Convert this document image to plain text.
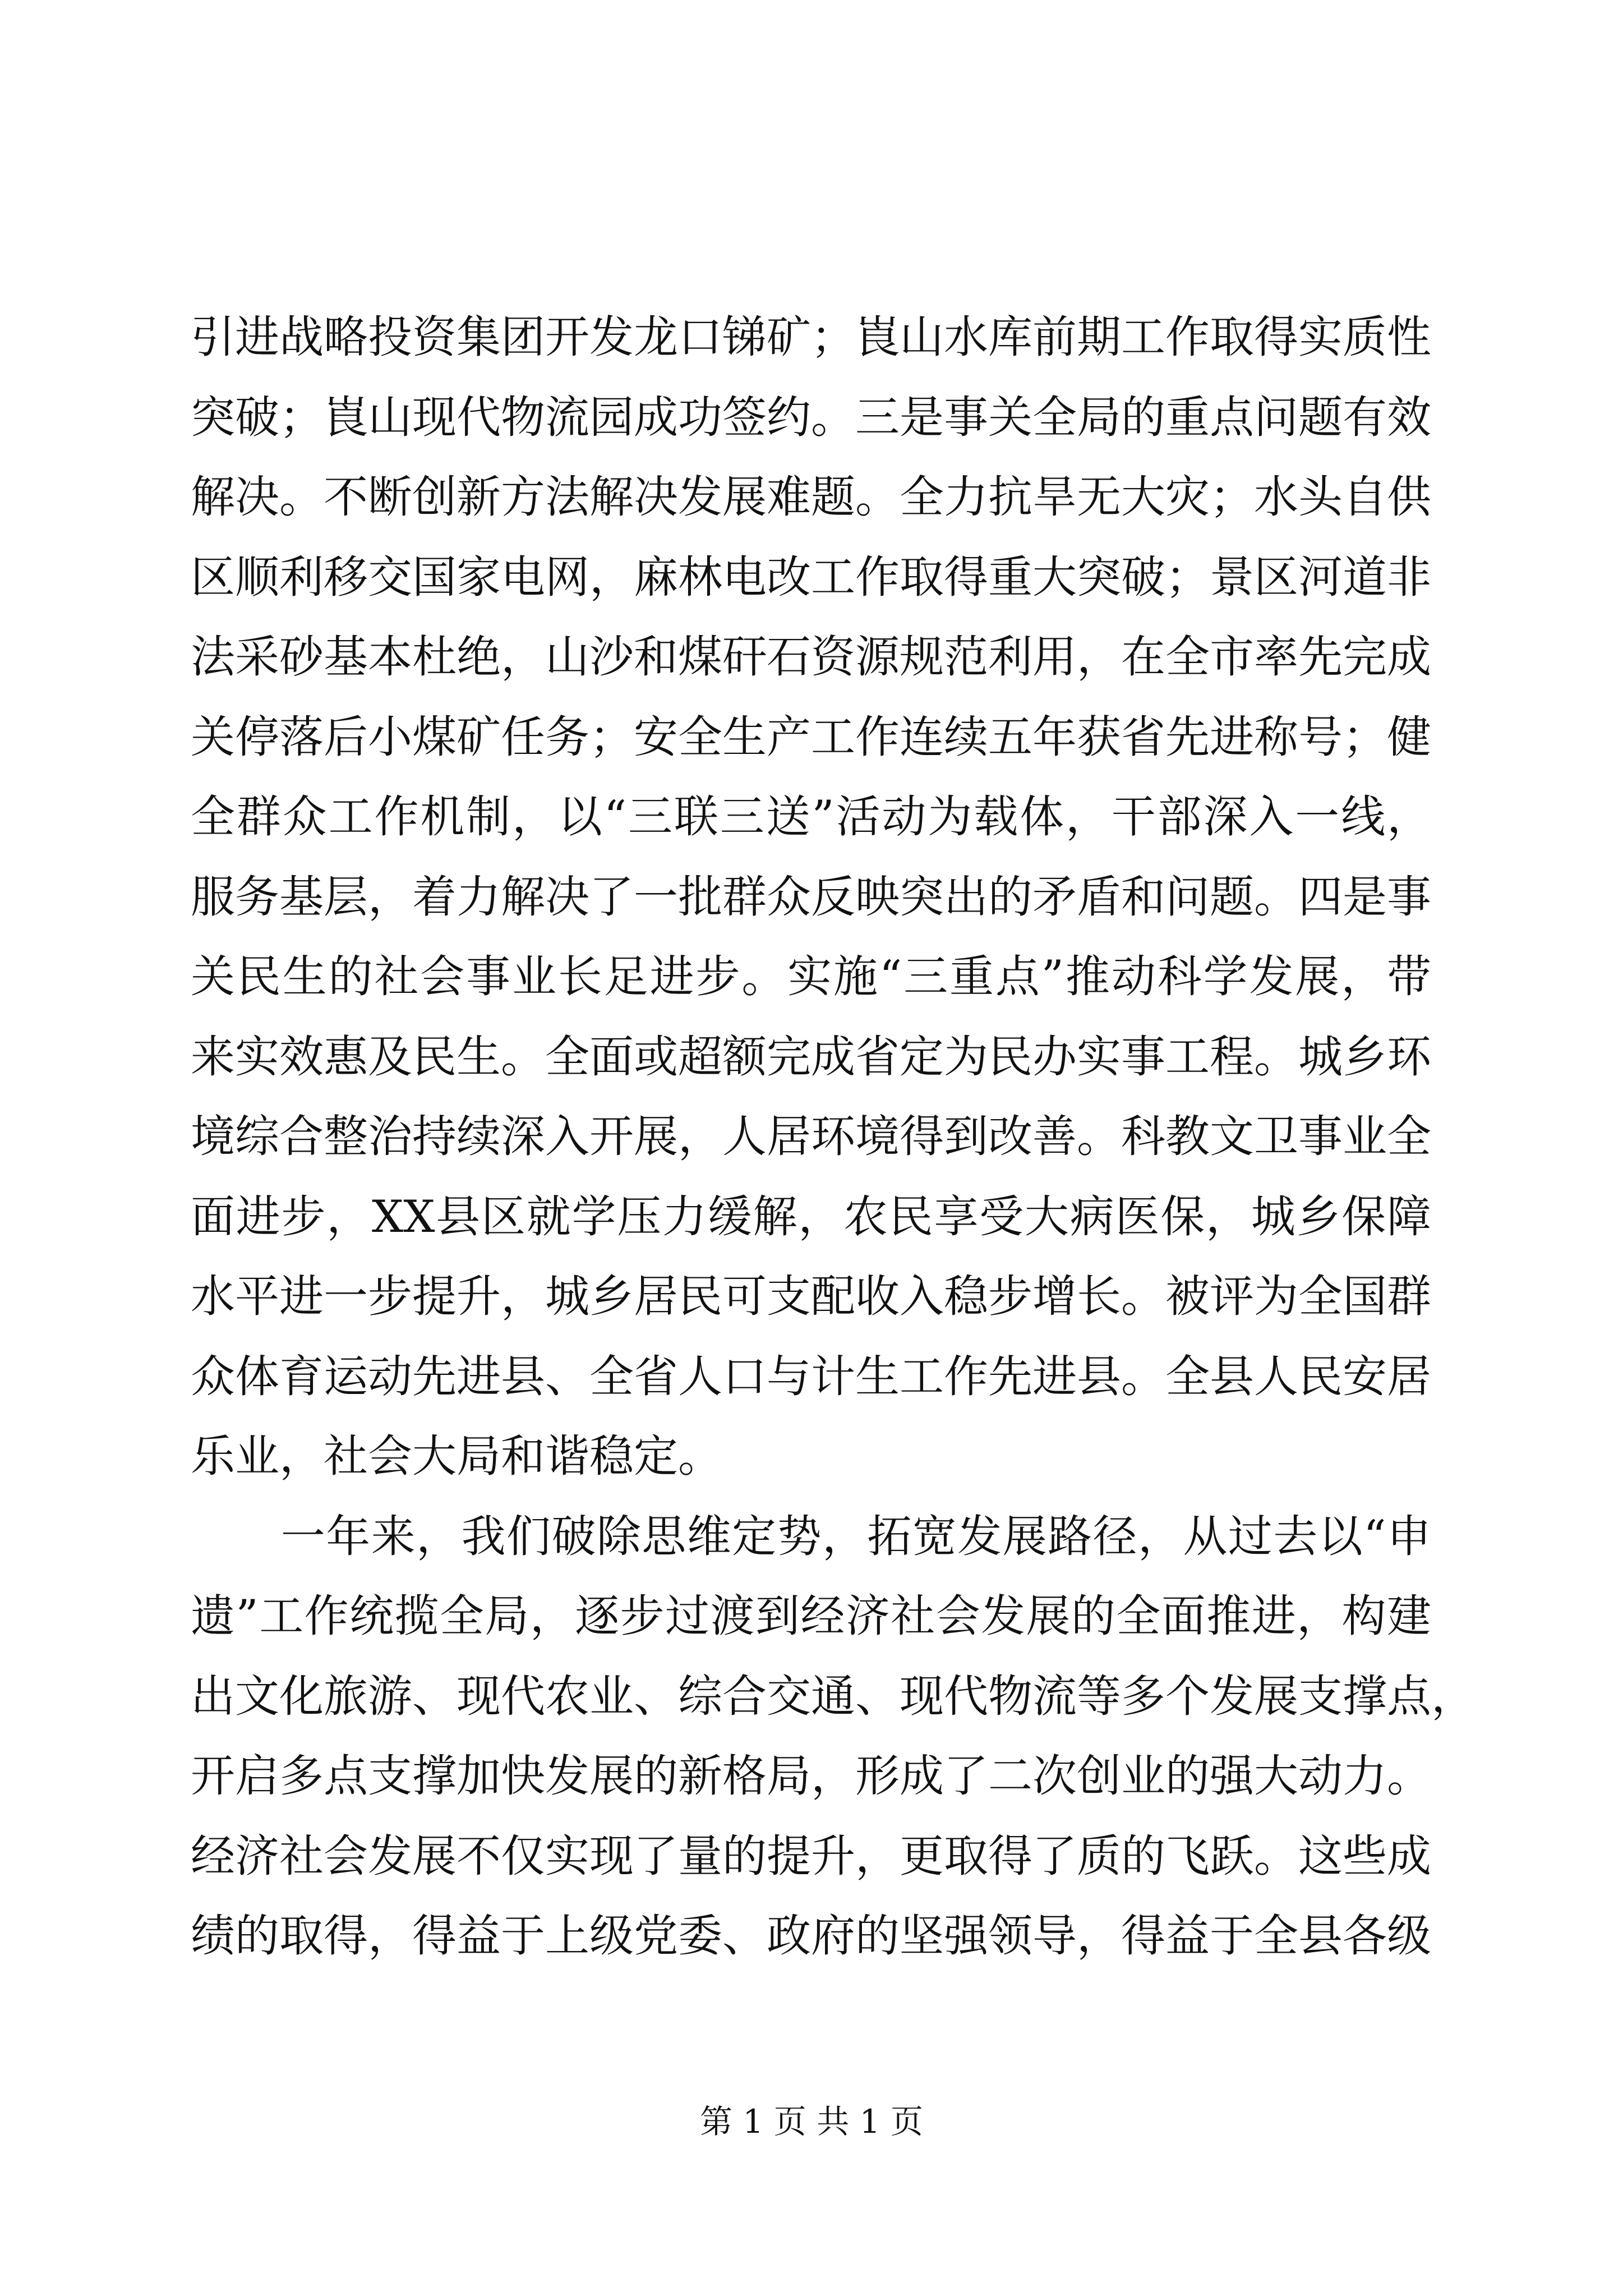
引进战略投资集团开发龙口锑矿；崀山水库前期工作取得实质性
突破；崀山现代物流园成功签约。三是事关全局的重点问题有效
解决。不断创新方法解决发展难题。全力抗旱无大灾；水头自供
区顺利移交国家电网，麻林电改工作取得重大突破；景区河道非
法采砂基本杜绝，山沙和煤矸石资源规范利用，在全市率先完成
关停落后小煤矿任务；安全生产工作连续五年获省先进称号；健
全群众工作机制，以“三联三送”活动为载体，干部深入一线，
服务基层，着力解决了一批群众反映突出的矛盾和问题。四是事
关民生的社会事业长足进步。实施“三重点”推动科学发展，带
来实效惠及民生。全面或超额完成省定为民办实事工程。城乡环
境综合整治持续深入开展，人居环境得到改善。科教文卫事业全
面进步，XX县区就学压力缓解，农民享受大病医保，城乡保障
水平进一步提升，城乡居民可支配收入稳步增长。被评为全国群
众体育运动先进县、全省人口与计生工作先进县。全县人民安居
乐业，社会大局和谐稳定。
　　一年来，我们破除思维定势，拓宽发展路径，从过去以“申
遗”工作统揽全局，逐步过渡到经济社会发展的全面推进，构建
出文化旅游、现代农业、综合交通、现代物流等多个发展支撑点，
开启多点支撑加快发展的新格局，形成了二次创业的强大动力。
经济社会发展不仅实现了量的提升，更取得了质的飞跃。这些成
绩的取得，得益于上级党委、政府的坚强领导，得益于全县各级
第 1 页 共 1 页
